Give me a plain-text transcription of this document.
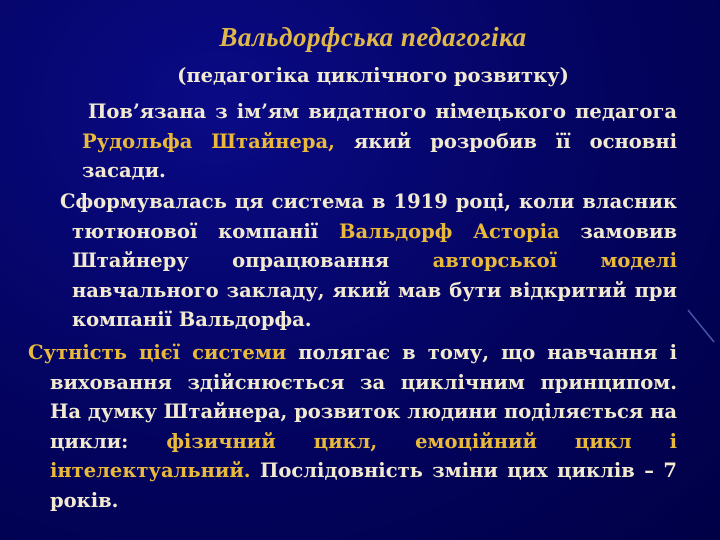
Вальдорфська педагогіка
(педагогіка циклічного розвитку)

Пов’язана з ім’ям видатного німецького педагога Рудольфа Штайнера, який розробив її основні засади.

Сформувалась ця система в 1919 році, коли власник тютюнової компанії Вальдорф Асторіа замовив Штайнеру опрацювання авторської моделі навчального закладу, який мав бути відкритий при компанії Вальдорфа.

Сутність цієї системи полягає в тому, що навчання і виховання здійснюється за циклічним принципом. На думку Штайнера, розвиток людини поділяється на цикли: фізичний цикл, емоційний цикл і інтелектуальний. Послідовність зміни цих циклів – 7 років.
